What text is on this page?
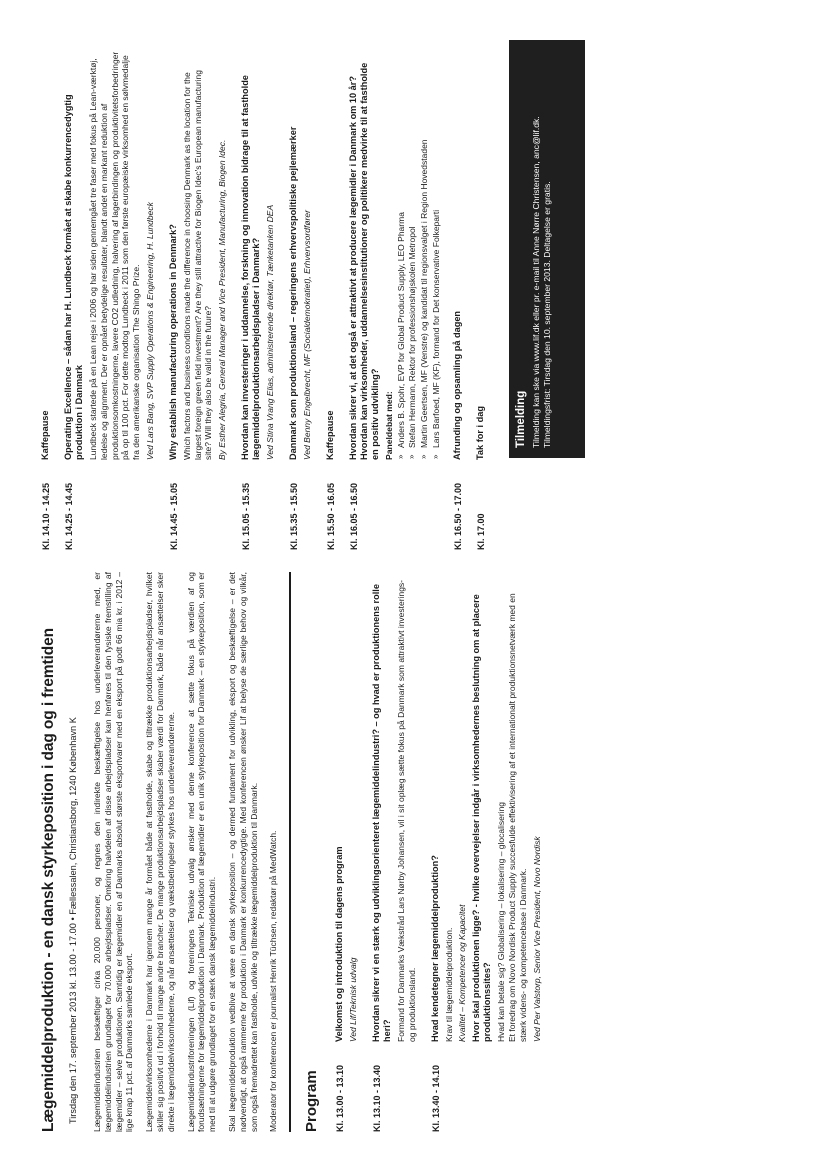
Lægemiddelproduktion - en dansk styrkeposition i dag og i fremtiden Tirsdag den 17. september 2013 kl. 13.00 - 17.00 • Fællessalen, Christiansborg, 1240 København K Lægemiddelindustrien beskæftiger cirka 20.000 personer, og regnes den indirekte beskæftigelse hos underleverandørerne med, er lægemiddelindustrien grundlaget for 70.000 arbejdspladser. Omkring halvdelen af disse arbejdspladser kan henføres til den fysiske fremstilling af lægemidler – selve produktionen. Samtidig er lægemidler en af Danmarks absolut største eksportvarer med en eksport på godt 66 mia kr. i 2012 – lige knap 11 pct. af Danmarks samlede eksport. Lægemiddelvirksomhederne i Danmark har igennem mange år formået både at fastholde, skabe og tiltrække produktionsarbejdspladser, hvilket skiller sig positivt ud i forhold til mange andre brancher. De mange produktionsarbejdspladser skaber værdi for Danmark, både når ansættelser sker direkte i lægemiddelvirksomhederne, og når ansættelser og vækstbetingelser styrkes hos underleverandørerne. Lægemiddelindustriforeningen (Lif) og foreningens Tekniske udvalg ønsker med denne konference at sætte fokus på værdien af og forudsætningerne for lægemiddelproduktion i Danmark. Produktion af lægemidler er en unik styrkeposition for Danmark – en styrkeposition, som er med til at udgøre grundlaget for en stærk dansk lægemiddelindustri. Skal lægemiddelproduktion vedblive at være en dansk styrkeposition – og dermed fundament for udvikling, eksport og beskæftigelse – er det nødvendigt, at også rammerne for produktion i Danmark er konkurrencedygtige. Med konferencen ønsker Lif at belyse de særlige behov og vilkår, som også fremadrettet kan fastholde, udvikle og tiltrække lægemiddelproduktion til Danmark. Moderator for konferencen er journalist Henrik Tüchsen, redaktør på MedWatch. Program Kl. 13.00 - 13.10
Velkomst og introduktion til dagens program Ved Lif/Teknisk udvalg
Kl. 13.10 - 13.40
Hvordan sikrer vi en stærk og udviklingsorienteret lægemiddelindustri? – og hvad er produktionens rolle heri? Formand for Danmarks Vækstråd Lars Nørby Johansen, vil i sit oplæg sætte fokus på Danmark som attraktivt investerings- og produktionsland.
Kl. 13.40 - 14.10
Hvad kendetegner lægemiddelproduktion? Krav til lægemiddelproduktion. Kvalitet – Kompetencer og Kapacitet Hvor skal produktionen ligge? - hvilke overvejelser indgår i virksomhedernes beslutning om at placere produktionssites? Hvad kan betale sig? Globalisering – lokalisering – glocalisering
Et foredrag om Novo Nordisk Product Supply succesfulde effektivisering af et internationalt produktionsnetværk med en stærk videns- og kompetencebase i Danmark. Ved Per Valstorp, Senior Vice President, Novo Nordisk
Kl. 14.10 - 14.25
Kaffepause
Kl. 14.25 - 14.45
Operating Excellence – sådan har H. Lundbeck formået at skabe konkurrencedygtig produktion i Danmark Lundbeck startede på en Lean rejse i 2006 og har siden gennemgået tre faser med fokus på Lean-værktøj, ledelse og alignment. Der er opnået betydelige resultater, blandt andet en markant reduktion af produktionsomkostningerne, lavere CO2 udledning, halvering af lagerbindingen og produktivitetsforbedringer på op til 100 pct. For dette modtog Lundbeck i 2011 som den første europæiske virksomhed en sølvmedalje fra den amerikanske organisation The Shingo Prize. Ved Lars Bang, SVP Supply Operations & Engineering, H. Lundbeck
Kl. 14.45 - 15.05
Why establish manufacturing operations in Denmark? Which factors and business conditions made the difference in choosing Denmark as the location for the largest foreign green field investment? Are they still attractive for Biogen Idec's European manufacturing site? Will they also be valid in the future? By Esther Alegria, General Manager and Vice President, Manufacturing, Biogen Idec.
Kl. 15.05 - 15.35
Hvordan kan investeringer i uddannelse, forskning og innovation bidrage til at fastholde lægemiddelproduktionsarbejdspladser i Danmark? Ved Stina Vrang Elias, administrerende direktør, Tænketanken DEA
Kl. 15.35 - 15.50
Danmark som produktionsland – regeringens erhvervspolitiske pejlemærker Ved Benny Engelbrecht, MF (Socialdemokratiet), Erhvervsordfører
Kl. 15.50 - 16.05
Kaffepause
Kl. 16.05 - 16.50
Hvordan sikrer vi, at det også er attraktivt at producere lægemidler i Danmark om 10 år? Hvordan kan virksomheder, uddannelsesinstitutioner og politikere medvirke til at fastholde en positiv udvikling? Paneldebat med: »
Anders B. Spohr, EVP for Global Product Supply, LEO Pharma
»
Stefan Hermann, Rektor for professionshøjskolen Metropol
»
Martin Geertsen, MF (Venstre) og kandidat til regionsvalget i Region Hovedstaden
»
Lars Barfoed, MF (KF), formand for Det konservative Folkeparti
Kl. 16.50 - 17.00
Afrunding og opsamling på dagen
Kl. 17.00
Tak for i dag	Tilmelding Tilmelding kan ske via www.lif.dk eller pr. e-mail til Anne Nørre Christensen, anc@lif.dk. Tilmeldingsfrist: Tirsdag den 10. september 2013. Deltagelse er gratis.
